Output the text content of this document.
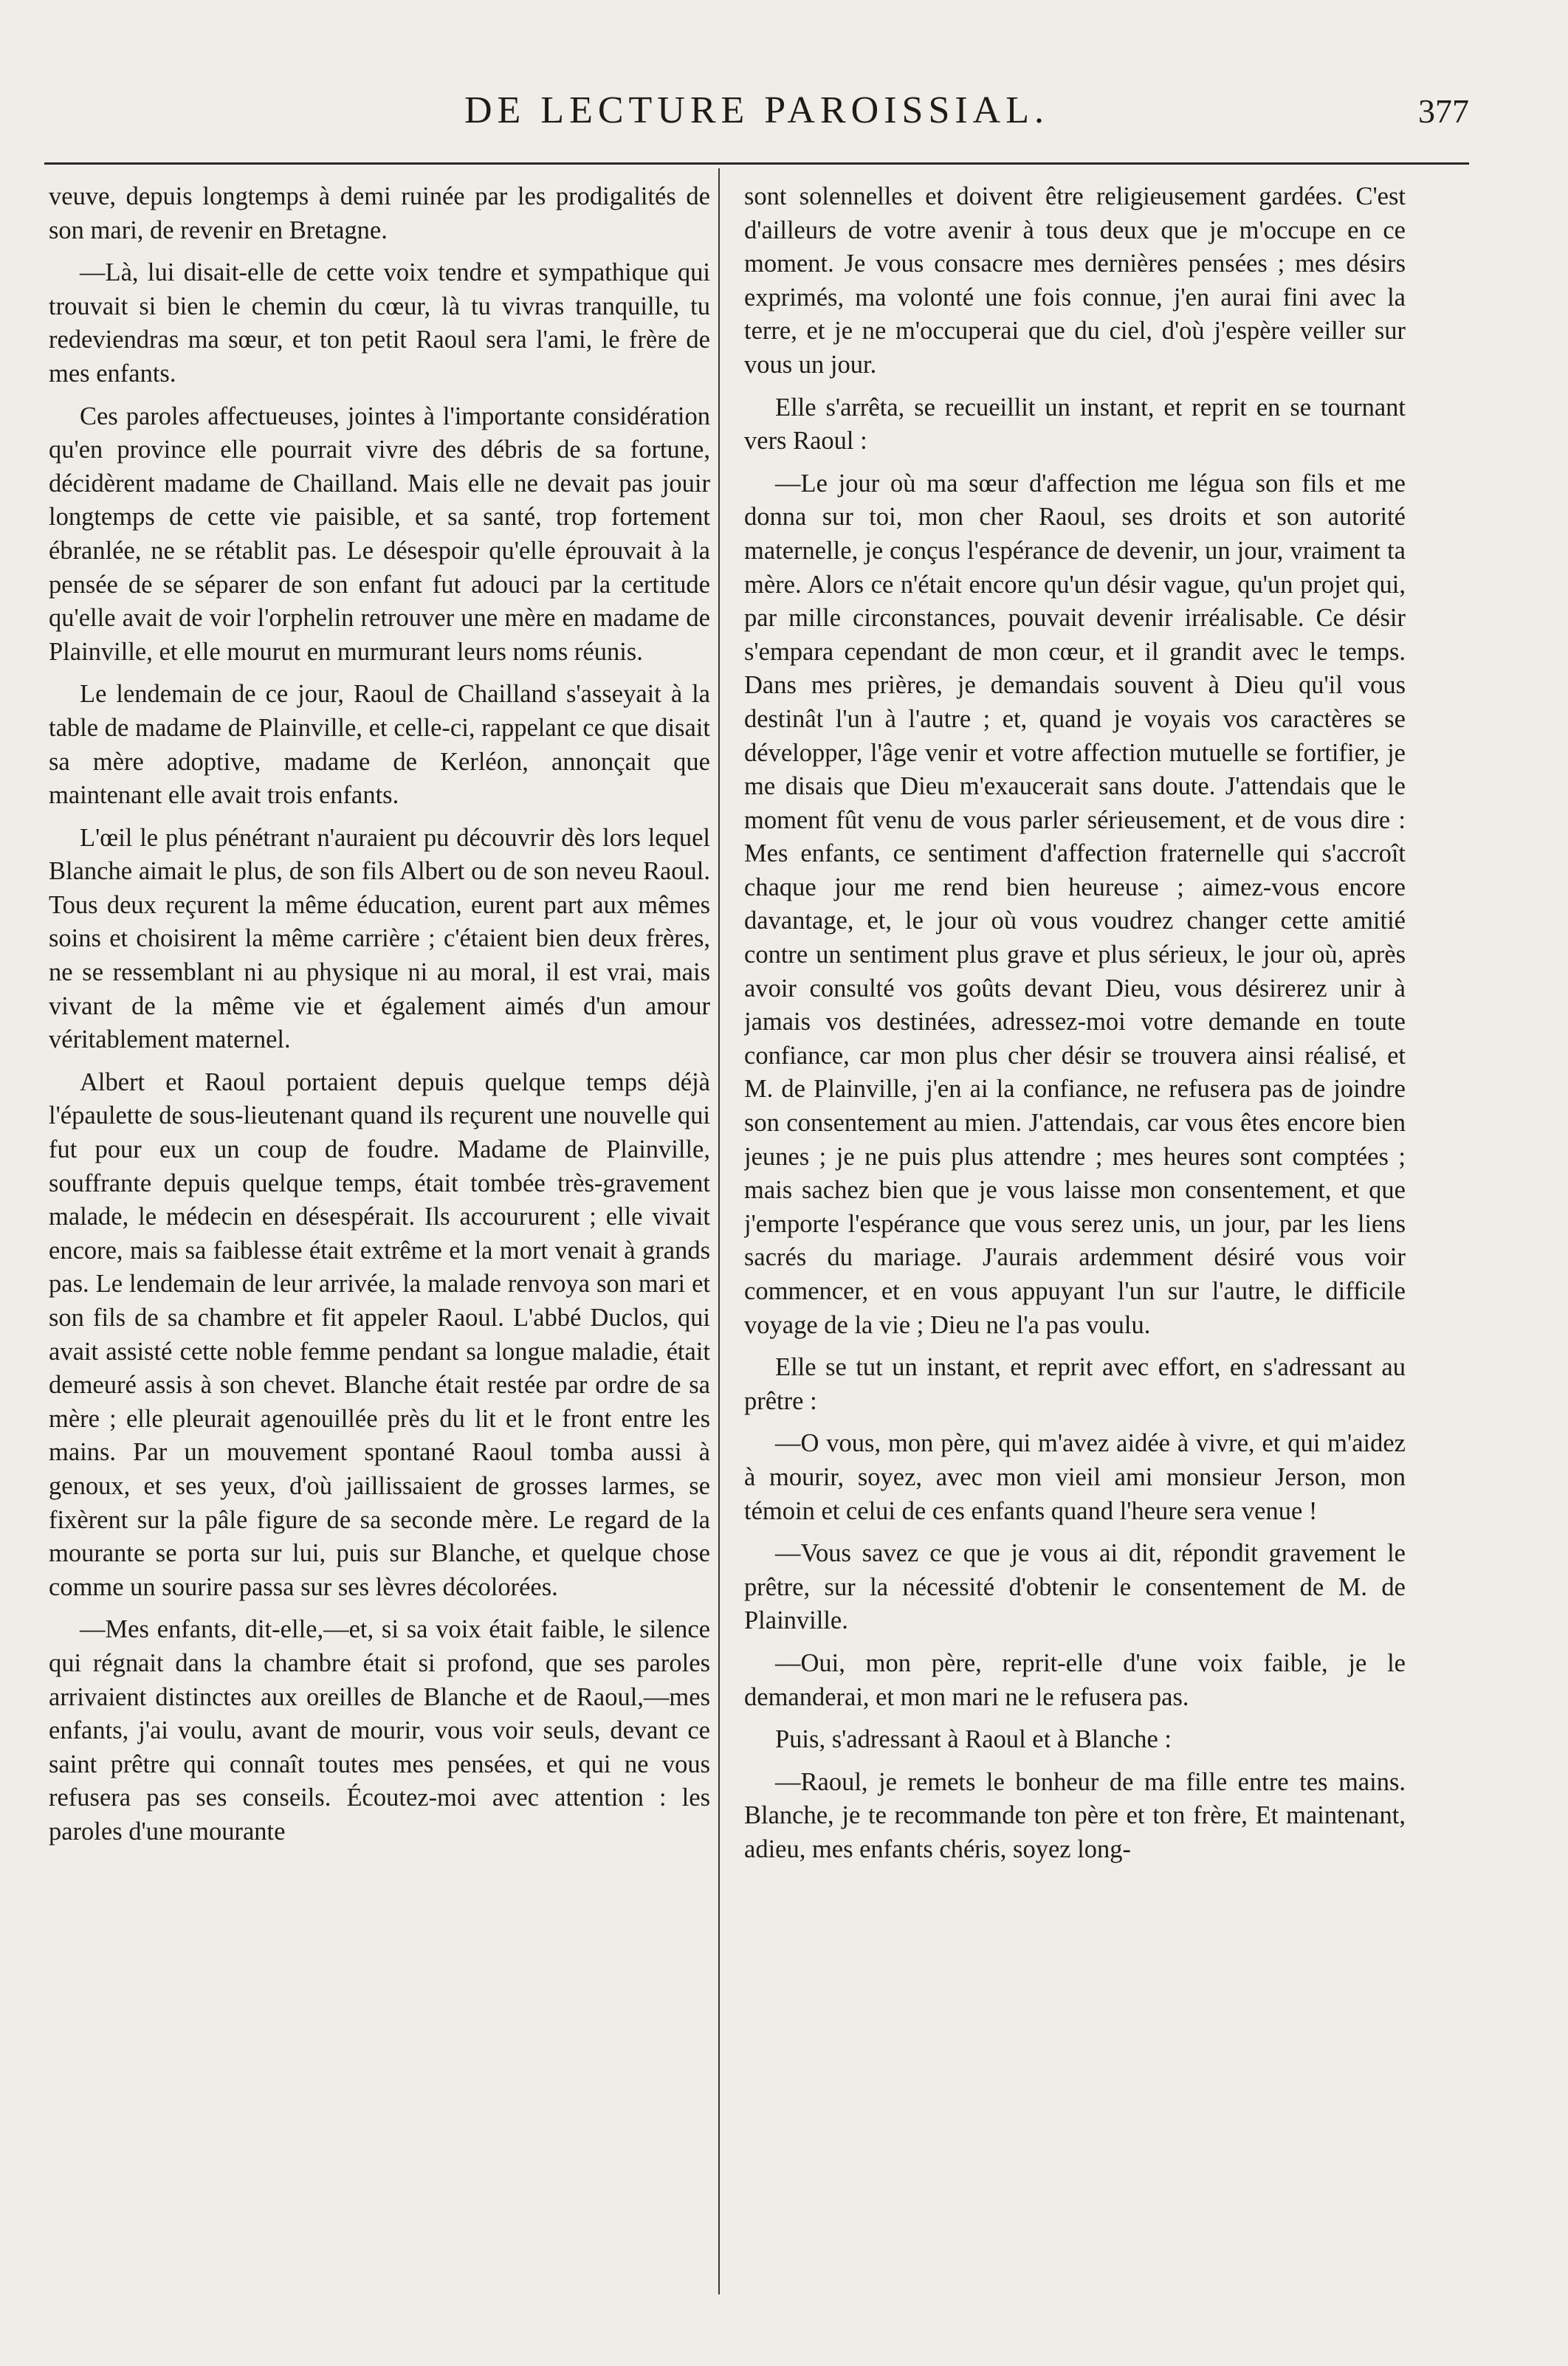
DE LECTURE PAROISSIAL.	377

veuve, depuis longtemps à demi ruinée par les prodigalités de son mari, de revenir en Bretagne.

—Là, lui disait-elle de cette voix tendre et sympathique qui trouvait si bien le chemin du cœur, là tu vivras tranquille, tu redeviendras ma sœur, et ton petit Raoul sera l'ami, le frère de mes enfants.

Ces paroles affectueuses, jointes à l'importante considération qu'en province elle pourrait vivre des débris de sa fortune, décidèrent madame de Chailland. Mais elle ne devait pas jouir longtemps de cette vie paisible, et sa santé, trop fortement ébranlée, ne se rétablit pas. Le désespoir qu'elle éprouvait à la pensée de se séparer de son enfant fut adouci par la certitude qu'elle avait de voir l'orphelin retrouver une mère en madame de Plainville, et elle mourut en murmurant leurs noms réunis.

Le lendemain de ce jour, Raoul de Chailland s'asseyait à la table de madame de Plainville, et celle-ci, rappelant ce que disait sa mère adoptive, madame de Kerléon, annonçait que maintenant elle avait trois enfants.

L'œil le plus pénétrant n'auraient pu découvrir dès lors lequel Blanche aimait le plus, de son fils Albert ou de son neveu Raoul. Tous deux reçurent la même éducation, eurent part aux mêmes soins et choisirent la même carrière ; c'étaient bien deux frères, ne se ressemblant ni au physique ni au moral, il est vrai, mais vivant de la même vie et également aimés d'un amour véritablement maternel.

Albert et Raoul portaient depuis quelque temps déjà l'épaulette de sous-lieutenant quand ils reçurent une nouvelle qui fut pour eux un coup de foudre. Madame de Plainville, souffrante depuis quelque temps, était tombée très-gravement malade, le médecin en désespérait. Ils accoururent ; elle vivait encore, mais sa faiblesse était extrême et la mort venait à grands pas. Le lendemain de leur arrivée, la malade renvoya son mari et son fils de sa chambre et fit appeler Raoul. L'abbé Duclos, qui avait assisté cette noble femme pendant sa longue maladie, était demeuré assis à son chevet. Blanche était restée par ordre de sa mère ; elle pleurait agenouillée près du lit et le front entre les mains. Par un mouvement spontané Raoul tomba aussi à genoux, et ses yeux, d'où jaillissaient de grosses larmes, se fixèrent sur la pâle figure de sa seconde mère. Le regard de la mourante se porta sur lui, puis sur Blanche, et quelque chose comme un sourire passa sur ses lèvres décolorées.

—Mes enfants, dit-elle,—et, si sa voix était faible, le silence qui régnait dans la chambre était si profond, que ses paroles arrivaient distinctes aux oreilles de Blanche et de Raoul,—mes enfants, j'ai voulu, avant de mourir, vous voir seuls, devant ce saint prêtre qui connaît toutes mes pensées, et qui ne vous refusera pas ses conseils. Écoutez-moi avec attention : les paroles d'une mourante

sont solennelles et doivent être religieusement gardées. C'est d'ailleurs de votre avenir à tous deux que je m'occupe en ce moment. Je vous consacre mes dernières pensées ; mes désirs exprimés, ma volonté une fois connue, j'en aurai fini avec la terre, et je ne m'occuperai que du ciel, d'où j'espère veiller sur vous un jour.

Elle s'arrêta, se recueillit un instant, et reprit en se tournant vers Raoul :

—Le jour où ma sœur d'affection me légua son fils et me donna sur toi, mon cher Raoul, ses droits et son autorité maternelle, je conçus l'espérance de devenir, un jour, vraiment ta mère. Alors ce n'était encore qu'un désir vague, qu'un projet qui, par mille circonstances, pouvait devenir irréalisable. Ce désir s'empara cependant de mon cœur, et il grandit avec le temps. Dans mes prières, je demandais souvent à Dieu qu'il vous destinât l'un à l'autre ; et, quand je voyais vos caractères se développer, l'âge venir et votre affection mutuelle se fortifier, je me disais que Dieu m'exaucerait sans doute. J'attendais que le moment fût venu de vous parler sérieusement, et de vous dire : Mes enfants, ce sentiment d'affection fraternelle qui s'accroît chaque jour me rend bien heureuse ; aimez-vous encore davantage, et, le jour où vous voudrez changer cette amitié contre un sentiment plus grave et plus sérieux, le jour où, après avoir consulté vos goûts devant Dieu, vous désirerez unir à jamais vos destinées, adressez-moi votre demande en toute confiance, car mon plus cher désir se trouvera ainsi réalisé, et M. de Plainville, j'en ai la confiance, ne refusera pas de joindre son consentement au mien. J'attendais, car vous êtes encore bien jeunes ; je ne puis plus attendre ; mes heures sont comptées ; mais sachez bien que je vous laisse mon consentement, et que j'emporte l'espérance que vous serez unis, un jour, par les liens sacrés du mariage. J'aurais ardemment désiré vous voir commencer, et en vous appuyant l'un sur l'autre, le difficile voyage de la vie ; Dieu ne l'a pas voulu.

Elle se tut un instant, et reprit avec effort, en s'adressant au prêtre :

—O vous, mon père, qui m'avez aidée à vivre, et qui m'aidez à mourir, soyez, avec mon vieil ami monsieur Jerson, mon témoin et celui de ces enfants quand l'heure sera venue !

—Vous savez ce que je vous ai dit, répondit gravement le prêtre, sur la nécessité d'obtenir le consentement de M. de Plainville.

—Oui, mon père, reprit-elle d'une voix faible, je le demanderai, et mon mari ne le refusera pas.

Puis, s'adressant à Raoul et à Blanche :

—Raoul, je remets le bonheur de ma fille entre tes mains. Blanche, je te recommande ton père et ton frère, Et maintenant, adieu, mes enfants chéris, soyez long-
